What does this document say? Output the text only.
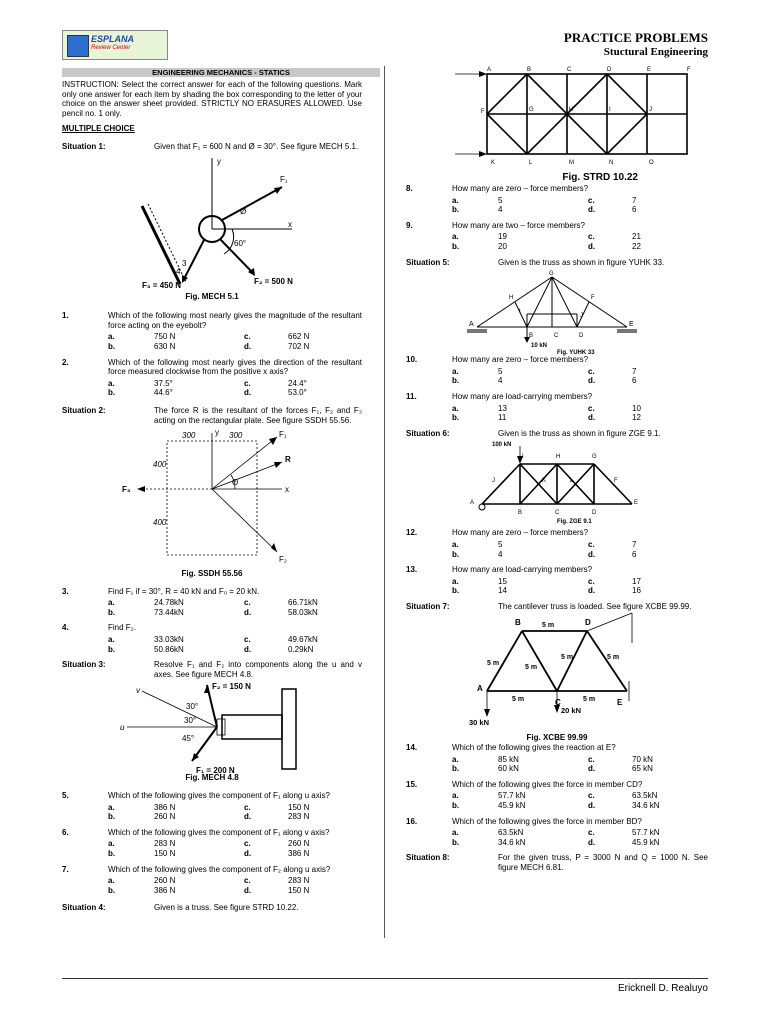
ESPLANA
Review Center
PRACTICE PROBLEMS
Stuctural Engineering
ENGINEERING MECHANICS - STATICS
INSTRUCTION: Select the correct answer for each of the following questions. Mark only one answer for each item by shading the box corresponding to the letter of your choice on the answer sheet provided. STRICTLY NO ERASURES ALLOWED. Use pencil no. 1 only.
MULTIPLE CHOICE
Situation 1:	Given that F₁ = 600 N and Ø = 30°. See figure MECH 5.1.
y
x
F₁
Ø
60°
F₂ = 500 N
F₃ = 450 N
3
4
Fig. MECH 5.1
1.	Which of the following most nearly gives the magnitude of the resultant force acting on the eyebolt?
a.	750 N	c.	662 N
b.	630 N	d.	702 N
2.	Which of the following most nearly gives the direction of the resultant force measured clockwise from the positive x axis?
a.	37.5°	c.	24.4°
b.	44.6°	d.	53.0°
Situation 2:	The force R is the resultant of the forces F₁, F₂ and F₃ acting on the rectangular plate. See figure SSDH 55.56.
y
x
F₁
R
F₂
F₃
Θ
300	300
400
400
Fig. SSDH 55.56
3.	Find F₁ if = 30°, R = 40 kN and F₀ = 20 kN.
a.	24.78kN	c.	66.71kN
b.	73.44kN	d.	58.03kN
4.	Find F₂.
a.	33.03kN	c.	49.67kN
b.	50.86kN	d.	0.29kN
Situation 3:	Resolve F₁ and F₂ into components along the u and v axes. See figure MECH 4.8.
u
v	F₂ = 150 N
F₁ = 200 N
30°
30°
45°
Fig. MECH 4.8
5.	Which of the following gives the component of F₁ along u axis?
a.	386 N	c.	150 N
b.	260 N	d.	283 N
6.	Which of the following gives the component of F₁ along v axis?
a.	283 N	c.	260 N
b.	150 N	d.	386 N
7.	Which of the following gives the component of F₂ along u axis?
a.	260 N	c.	283 N
b.	386 N	d.	150 N
Situation 4:	Given is a truss. See figure STRD 10.22.
A	B	C	D	E	F
F	G	H	I	J
K	L	M	N	O
Fig. STRD 10.22
8.	How many are zero – force members?
a.	5	c.	7
b.	4	d.	6
9.	How many are two – force members?
a.	19	c.	21
b.	20	d.	22
Situation 5:	Given is the truss as shown in figure YUHK 33.
G
H	F
I
J
A	E
B	C	D
10 kN
Fig. YUHK 33
10.	How many are zero – force members?
a.	5	c.	7
b.	4	d.	6
11.	How many are load-carrying members?
a.	13	c.	10
b.	11	d.	12
Situation 6:	Given is the truss as shown in figure ZGE 9.1.
100 kN
I	H	G
J	K	L	F
A
B	C	D
E
Fig. ZGE 9.1
12.	How many are zero – force members?
a.	5	c.	7
b.	4	d.	6
13.	How many are load-carrying members?
a.	15	c.	17
b.	14	d.	16
Situation 7:	The cantilever truss is loaded. See figure XCBE 99.99.
B	D
A
C	E
5 m
5 m
5 m
5 m	5 m
5 m	5 m
30 kN
20 kN
Fig. XCBE 99.99
14.	Which of the following gives the reaction at E?
a.	85 kN	c.	70 kN
b.	60 kN	d.	65 kN
15.	Which of the following gives the force in member CD?
a.	57.7 kN	c.	63.5kN
b.	45.9 kN	d.	34.6 kN
16.	Which of the following gives the force in member BD?
a.	63.5kN	c.	57.7 kN
b.	34.6 kN	d.	45.9 kN
Situation 8:	For the given truss, P = 3000 N and Q = 1000 N. See figure MECH 6.81.
Ericknell D. Realuyo
